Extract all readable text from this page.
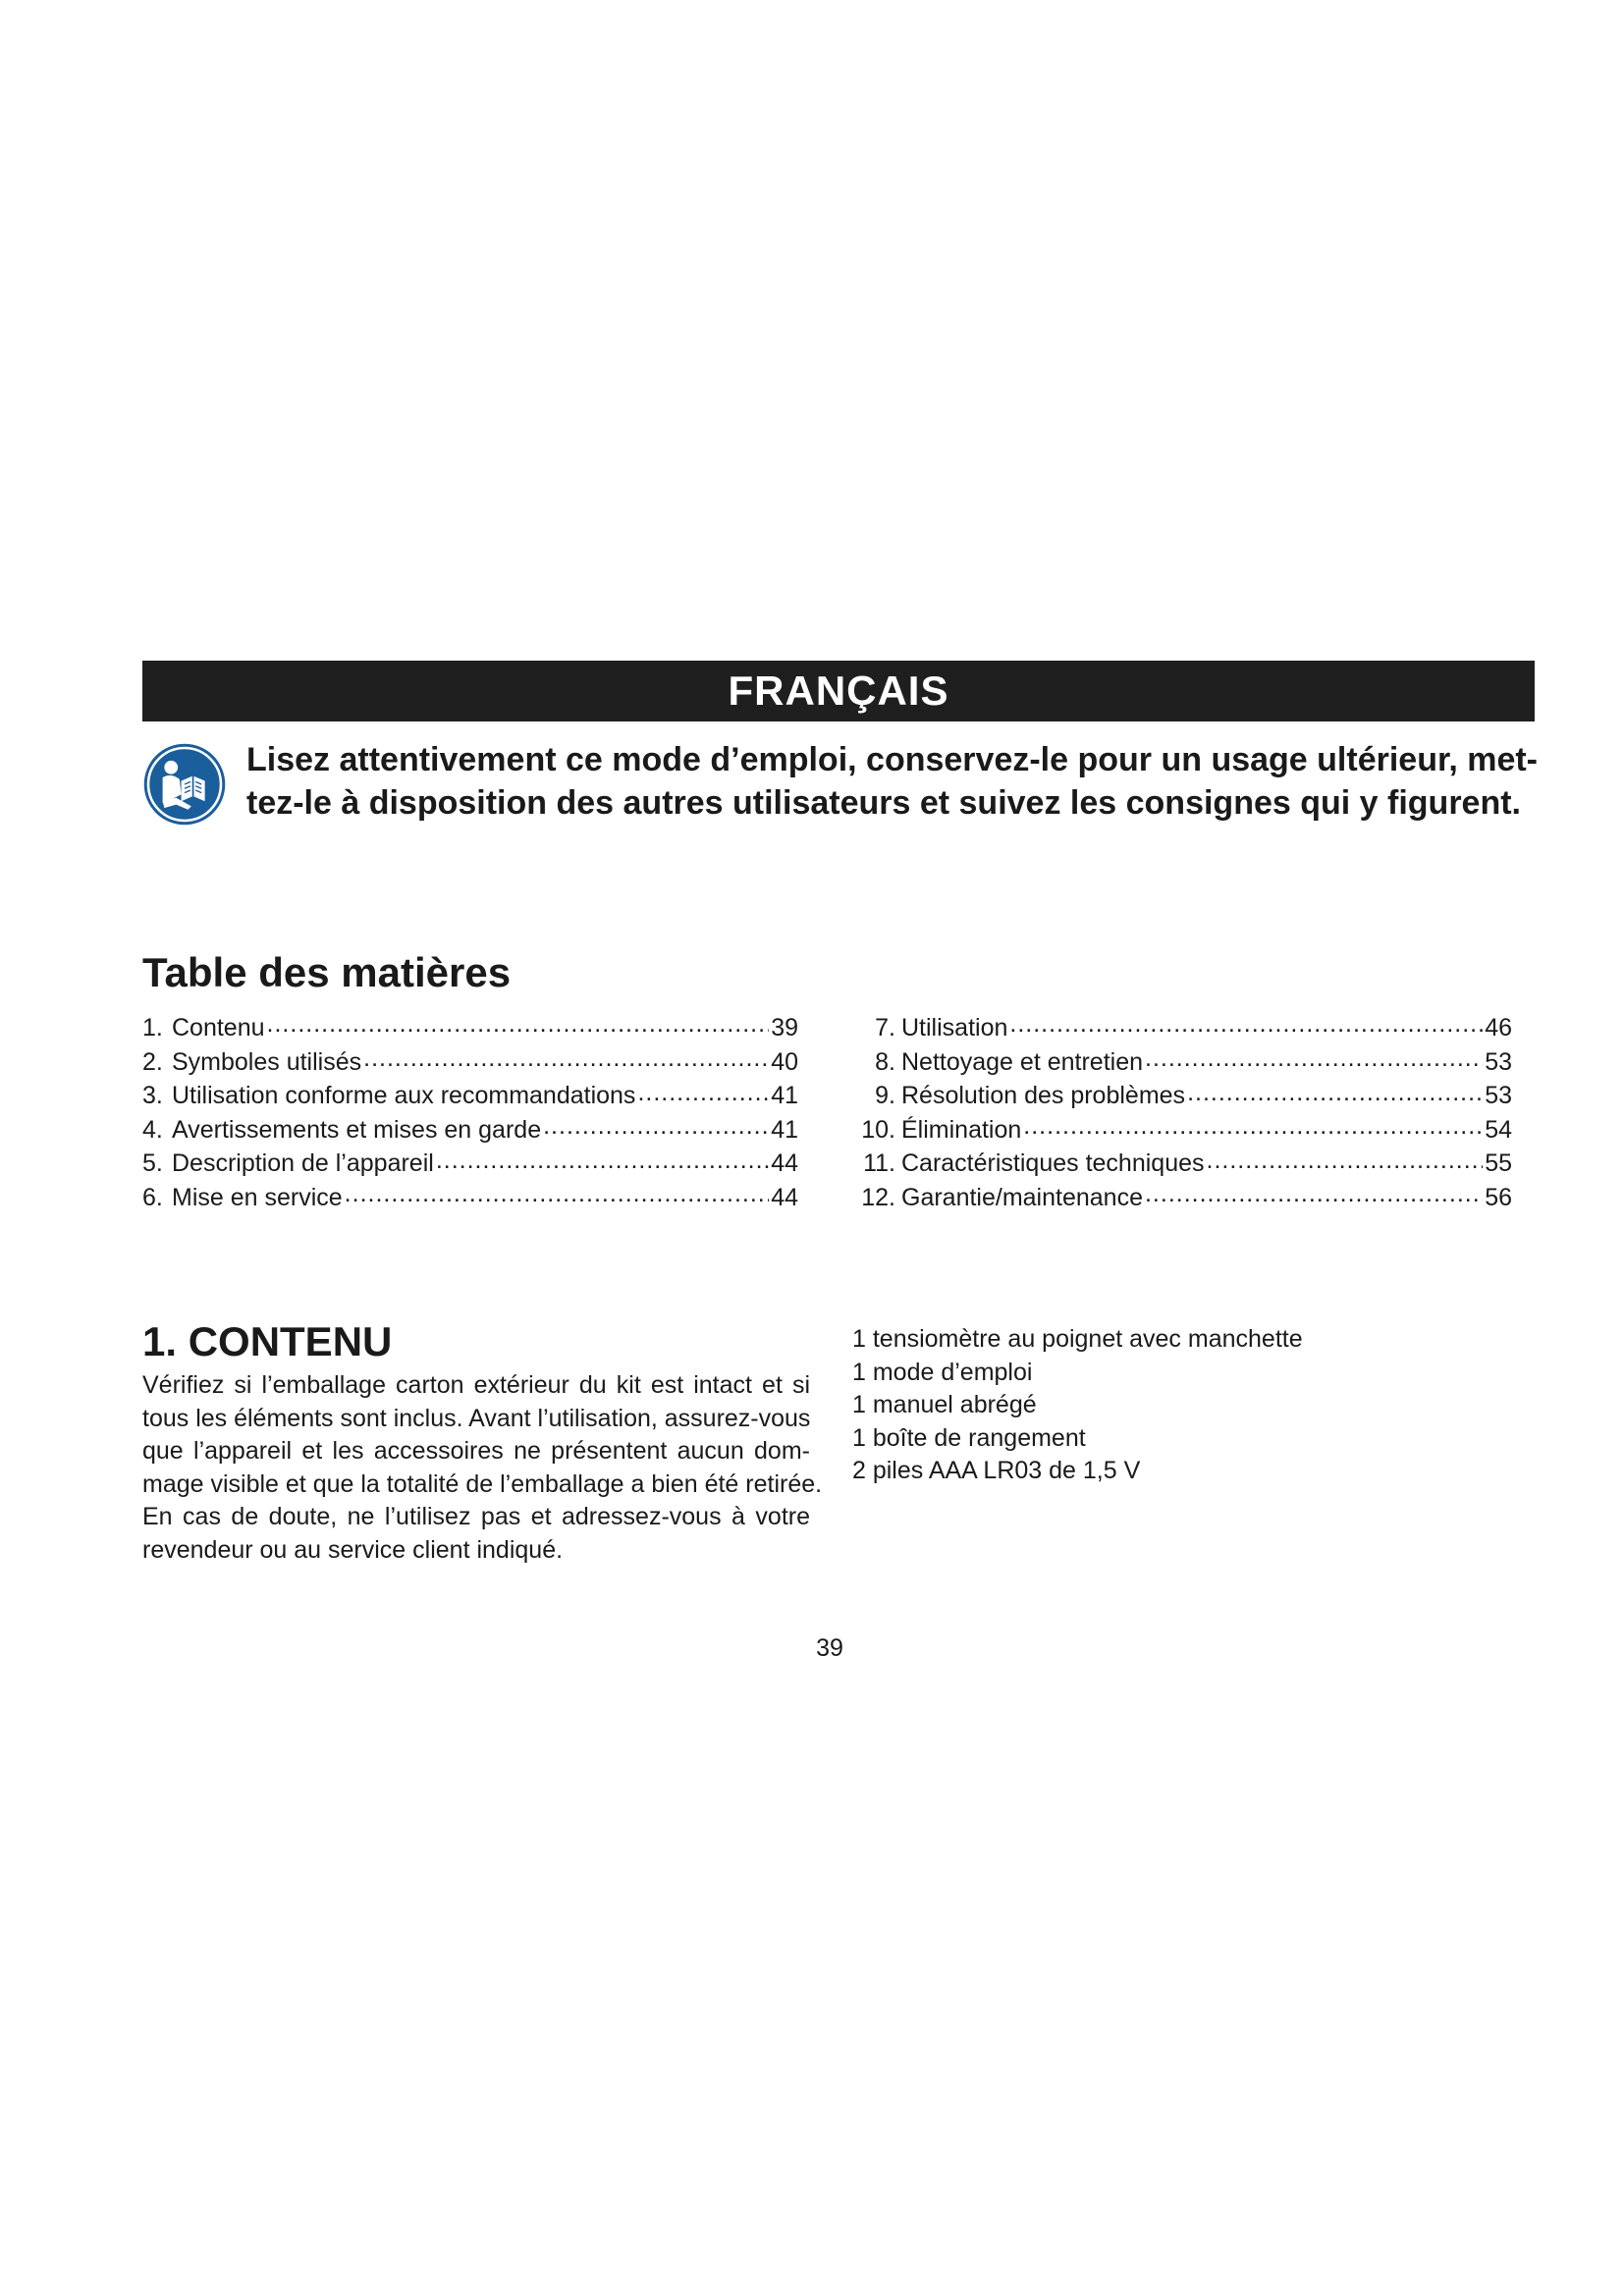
FRANÇAIS
Lisez attentivement ce mode d’emploi, conservez-le pour un usage ultérieur, met-
tez-le à disposition des autres utilisateurs et suivez les consignes qui y figurent.
Table des matières
1. Contenu .....	39
2. Symboles utilisés .....	40
3. Utilisation conforme aux recommandations .....	41
4. Avertissements et mises en garde .....	41
5. Description de l’appareil .....	44
6. Mise en service .....	44
7. Utilisation .....	46
8. Nettoyage et entretien .....	53
9. Résolution des problèmes .....	53
10. Élimination .....	54
11. Caractéristiques techniques .....	55
12. Garantie/maintenance .....	56
1. CONTENU
Vérifiez si l’emballage carton extérieur du kit est intact et si
tous les éléments sont inclus. Avant l’utilisation, assurez-vous
que l’appareil et les accessoires ne présentent aucun dom-
mage visible et que la totalité de l’emballage a bien été retirée.
En cas de doute, ne l’utilisez pas et adressez-vous à votre
revendeur ou au service client indiqué.
1 tensiomètre au poignet avec manchette
1 mode d’emploi
1 manuel abrégé
1 boîte de rangement
2 piles AAA LR03 de 1,5 V
39
